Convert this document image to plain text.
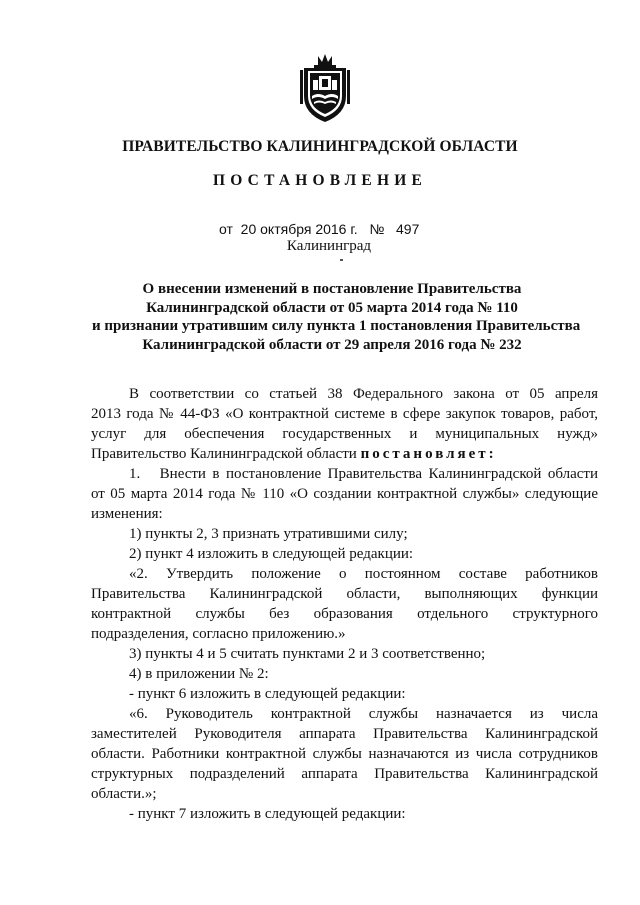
ПРАВИТЕЛЬСТВО КАЛИНИНГРАДСКОЙ ОБЛАСТИ
ПОСТАНОВЛЕНИЕ
от 20 октября 2016 г. № 497
Калининград
О внесении изменений в постановление Правительства
Калининградской области от 05 марта 2014 года № 110
и признании утратившим силу пункта 1 постановления Правительства
Калининградской области от 29 апреля 2016 года № 232

В соответствии со статьей 38 Федерального закона от 05 апреля

2013 года № 44-ФЗ «О контрактной системе в сфере закупок товаров, работ,

услуг для обеспечения государственных и муниципальных нужд»

Правительство Калининградской области постановляет:

1.   Внести в постановление Правительства Калининградской области

от 05 марта 2014 года № 110 «О создании контрактной службы» следующие

изменения:

1) пункты 2, 3 признать утратившими силу;

2) пункт 4 изложить в следующей редакции:

«2. Утвердить положение о постоянном составе работников

Правительства Калининградской области, выполняющих функции

контрактной службы без образования отдельного структурного

подразделения, согласно приложению.»

3) пункты 4 и 5 считать пунктами 2 и 3 соответственно;

4) в приложении № 2:

- пункт 6 изложить в следующей редакции:

«6. Руководитель контрактной службы назначается из числа

заместителей Руководителя аппарата Правительства Калининградской

области. Работники контрактной службы назначаются из числа сотрудников

структурных подразделений аппарата Правительства Калининградской

области.»;

- пункт 7 изложить в следующей редакции:
